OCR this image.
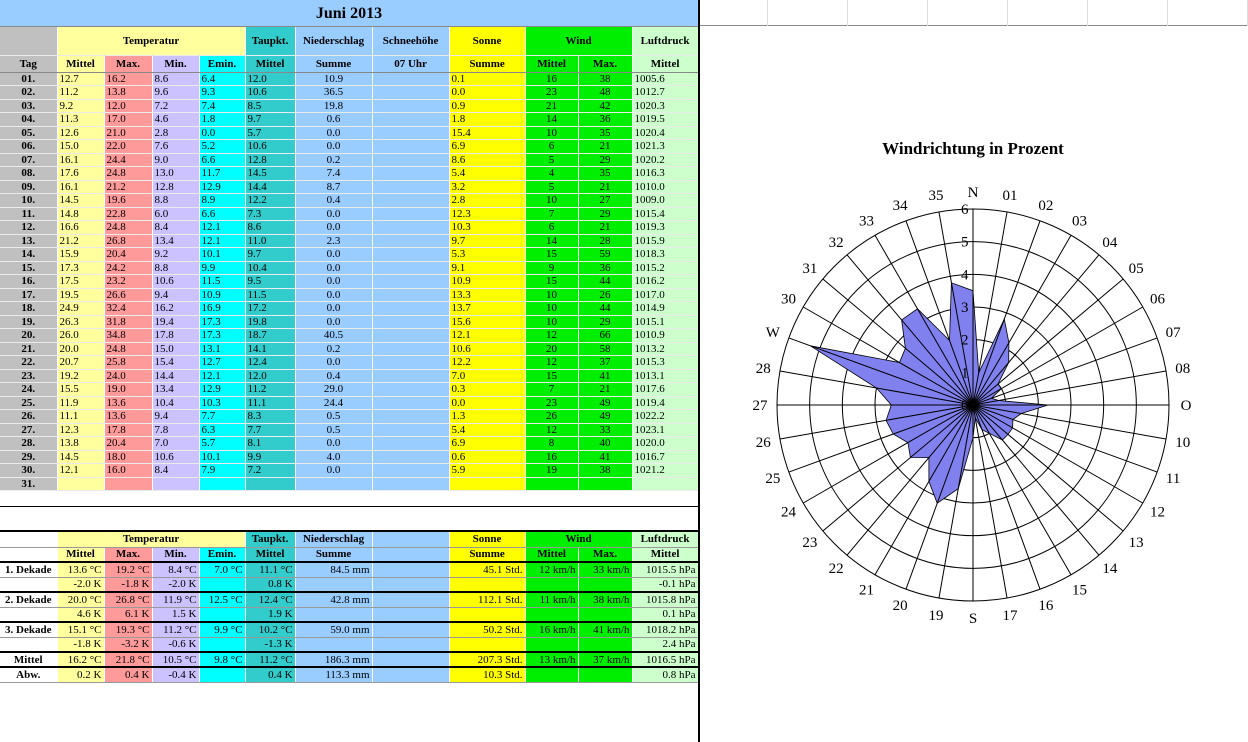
Juni 2013
	Temperatur				Taupkt.	Niederschlag	Schneehöhe	Sonne	Wind		Luftdruck
Tag	Mittel	Max.	Min.	Emin.	Mittel	Summe	07 Uhr	Summe	Mittel	Max.	Mittel
01.	12.7	16.2	8.6	6.4	12.0	10.9		0.1	16	38	1005.6
02.	11.2	13.8	9.6	9.3	10.6	36.5		0.0	23	48	1012.7
03.	9.2	12.0	7.2	7.4	8.5	19.8		0.9	21	42	1020.3
04.	11.3	17.0	4.6	1.8	9.7	0.6		1.8	14	36	1019.5
05.	12.6	21.0	2.8	0.0	5.7	0.0		15.4	10	35	1020.4
06.	15.0	22.0	7.6	5.2	10.6	0.0		6.9	6	21	1021.3
07.	16.1	24.4	9.0	6.6	12.8	0.2		8.6	5	29	1020.2
08.	17.6	24.8	13.0	11.7	14.5	7.4		5.4	4	35	1016.3
09.	16.1	21.2	12.8	12.9	14.4	8.7		3.2	5	21	1010.0
10.	14.5	19.6	8.8	8.9	12.2	0.4		2.8	10	27	1009.0
11.	14.8	22.8	6.0	6.6	7.3	0.0		12.3	7	29	1015.4
12.	16.6	24.8	8.4	12.1	8.6	0.0		10.3	6	21	1019.3
13.	21.2	26.8	13.4	12.1	11.0	2.3		9.7	14	28	1015.9
14.	15.9	20.4	9.2	10.1	9.7	0.0		5.3	15	59	1018.3
15.	17.3	24.2	8.8	9.9	10.4	0.0		9.1	9	36	1015.2
16.	17.5	23.2	10.6	11.5	9.5	0.0		10.9	15	44	1016.2
17.	19.5	26.6	9.4	10.9	11.5	0.0		13.3	10	26	1017.0
18.	24.9	32.4	16.2	16.9	17.2	0.0		13.7	10	44	1014.9
19.	26.3	31.8	19.4	17.3	19.8	0.0		15.6	10	29	1015.1
20.	26.0	34.8	17.8	17.3	18.7	40.5		12.1	12	66	1010.9
21.	20.0	24.8	15.0	13.1	14.1	0.2		10.6	20	58	1013.2
22.	20.7	25.8	15.4	12.7	12.4	0.0		12.2	12	37	1015.3
23.	19.2	24.0	14.4	12.1	12.0	0.4		7.0	15	41	1013.1
24.	15.5	19.0	13.4	12.9	11.2	29.0		0.3	7	21	1017.6
25.	11.9	13.6	10.4	10.3	11.1	24.4		0.0	23	49	1019.4
26.	11.1	13.6	9.4	7.7	8.3	0.5		1.3	26	49	1022.2
27.	12.3	17.8	7.8	6.3	7.7	0.5		5.4	12	33	1023.1
28.	13.8	20.4	7.0	5.7	8.1	0.0		6.9	8	40	1020.0
29.	14.5	18.0	10.6	10.1	9.9	4.0		0.6	16	41	1016.7
30.	12.1	16.0	8.4	7.9	7.2	0.0		5.9	19	38	1021.2
31.											
	Temperatur				Taupkt.	Niederschlag		Sonne	Wind		Luftdruck
	Mittel	Max.	Min.	Emin.	Mittel	Summe		Summe	Mittel	Max.	Mittel
1. Dekade	13.6 °C	19.2 °C	8.4 °C	7.0 °C	11.1 °C	84.5 mm		45.1 Std.	12 km/h	33 km/h	1015.5 hPa
	-2.0 K	-1.8 K	-2.0 K		0.8 K						-0.1 hPa
2. Dekade	20.0 °C	26.8 °C	11.9 °C	12.5 °C	12.4 °C	42.8 mm		112.1 Std.	11 km/h	38 km/h	1015.8 hPa
	4.6 K	6.1 K	1.5 K		1.9 K						0.1 hPa
3. Dekade	15.1 °C	19.3 °C	11.2 °C	9.9 °C	10.2 °C	59.0 mm		50.2 Std.	16 km/h	41 km/h	1018.2 hPa
	-1.8 K	-3.2 K	-0.6 K		-1.3 K						2.4 hPa
Mittel	16.2 °C	21.8 °C	10.5 °C	9.8 °C	11.2 °C	186.3 mm		207.3 Std.	13 km/h	37 km/h	1016.5 hPa
Abw.	0.2 K	0.4 K	-0.4 K		0.4 K	113.3 mm		10.3 Std.			0.8 hPa
Windrichtung in Prozent
0
1
2
3
4
5
6
N 01
02
03
04
05
06
07
08
O
10
11
12
13
14
15
16
17
S
19
20
21
22
23
24
25
26
27
28
W
30
31
32
33
34
35
